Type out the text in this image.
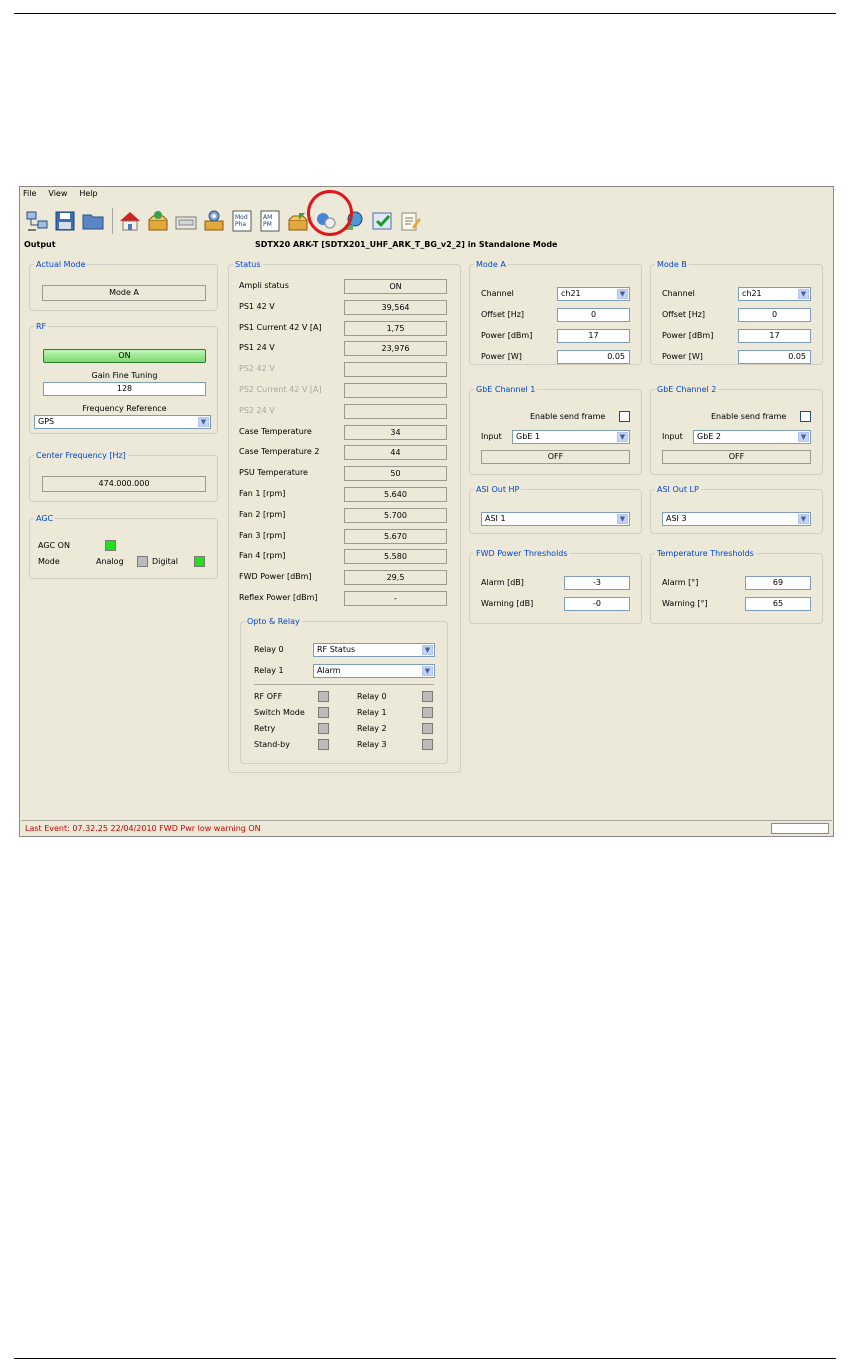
File View Help
Mod
Pha
AM
PM
Output	SDTX20 ARK-T [SDTX201_UHF_ARK_T_BG_v2_2] in Standalone Mode
Actual Mode
Mode A
RF
ON
Gain Fine Tuning
128
Frequency Reference
GPS	▼
Center Frequency [Hz]
474.000.000
AGC
AGC ON
Mode	Analog	Digital
Status
Ampli status	ON
PS1 42 V	39,564
PS1 Current 42 V [A]	1,75
PS1 24 V	23,976
PS2 42 V
PS2 Current 42 V [A]
PS2 24 V
Case Temperature	34
Case Temperature 2	44
PSU Temperature	50
Fan 1 [rpm]	5.640
Fan 2 [rpm]	5.700
Fan 3 [rpm]	5.670
Fan 4 [rpm]	5.580
FWD Power [dBm]	29,5
Reflex Power [dBm]	-
Opto & Relay
Relay 0	RF Status	▼
Relay 1	Alarm	▼
RF OFF	Relay 0
Switch Mode	Relay 1
Retry	Relay 2
Stand-by	Relay 3
Mode A
Channel	ch21	▼
Offset [Hz]	0
Power [dBm]	17
Power [W]	0.05
Mode B
Channel	ch21	▼
Offset [Hz]	0
Power [dBm]	17
Power [W]	0.05
GbE Channel 1
Enable send frame
Input	GbE 1	▼
OFF
GbE Channel 2
Enable send frame
Input	GbE 2	▼
OFF
ASI Out HP
ASI 1	▼
ASI Out LP
ASI 3	▼
FWD Power Thresholds
Alarm [dB]	-3
Warning [dB]	-0
Temperature Thresholds
Alarm [°]	69
Warning [°]	65
Last Event: 07.32.25 22/04/2010 FWD Pwr low warning ON
